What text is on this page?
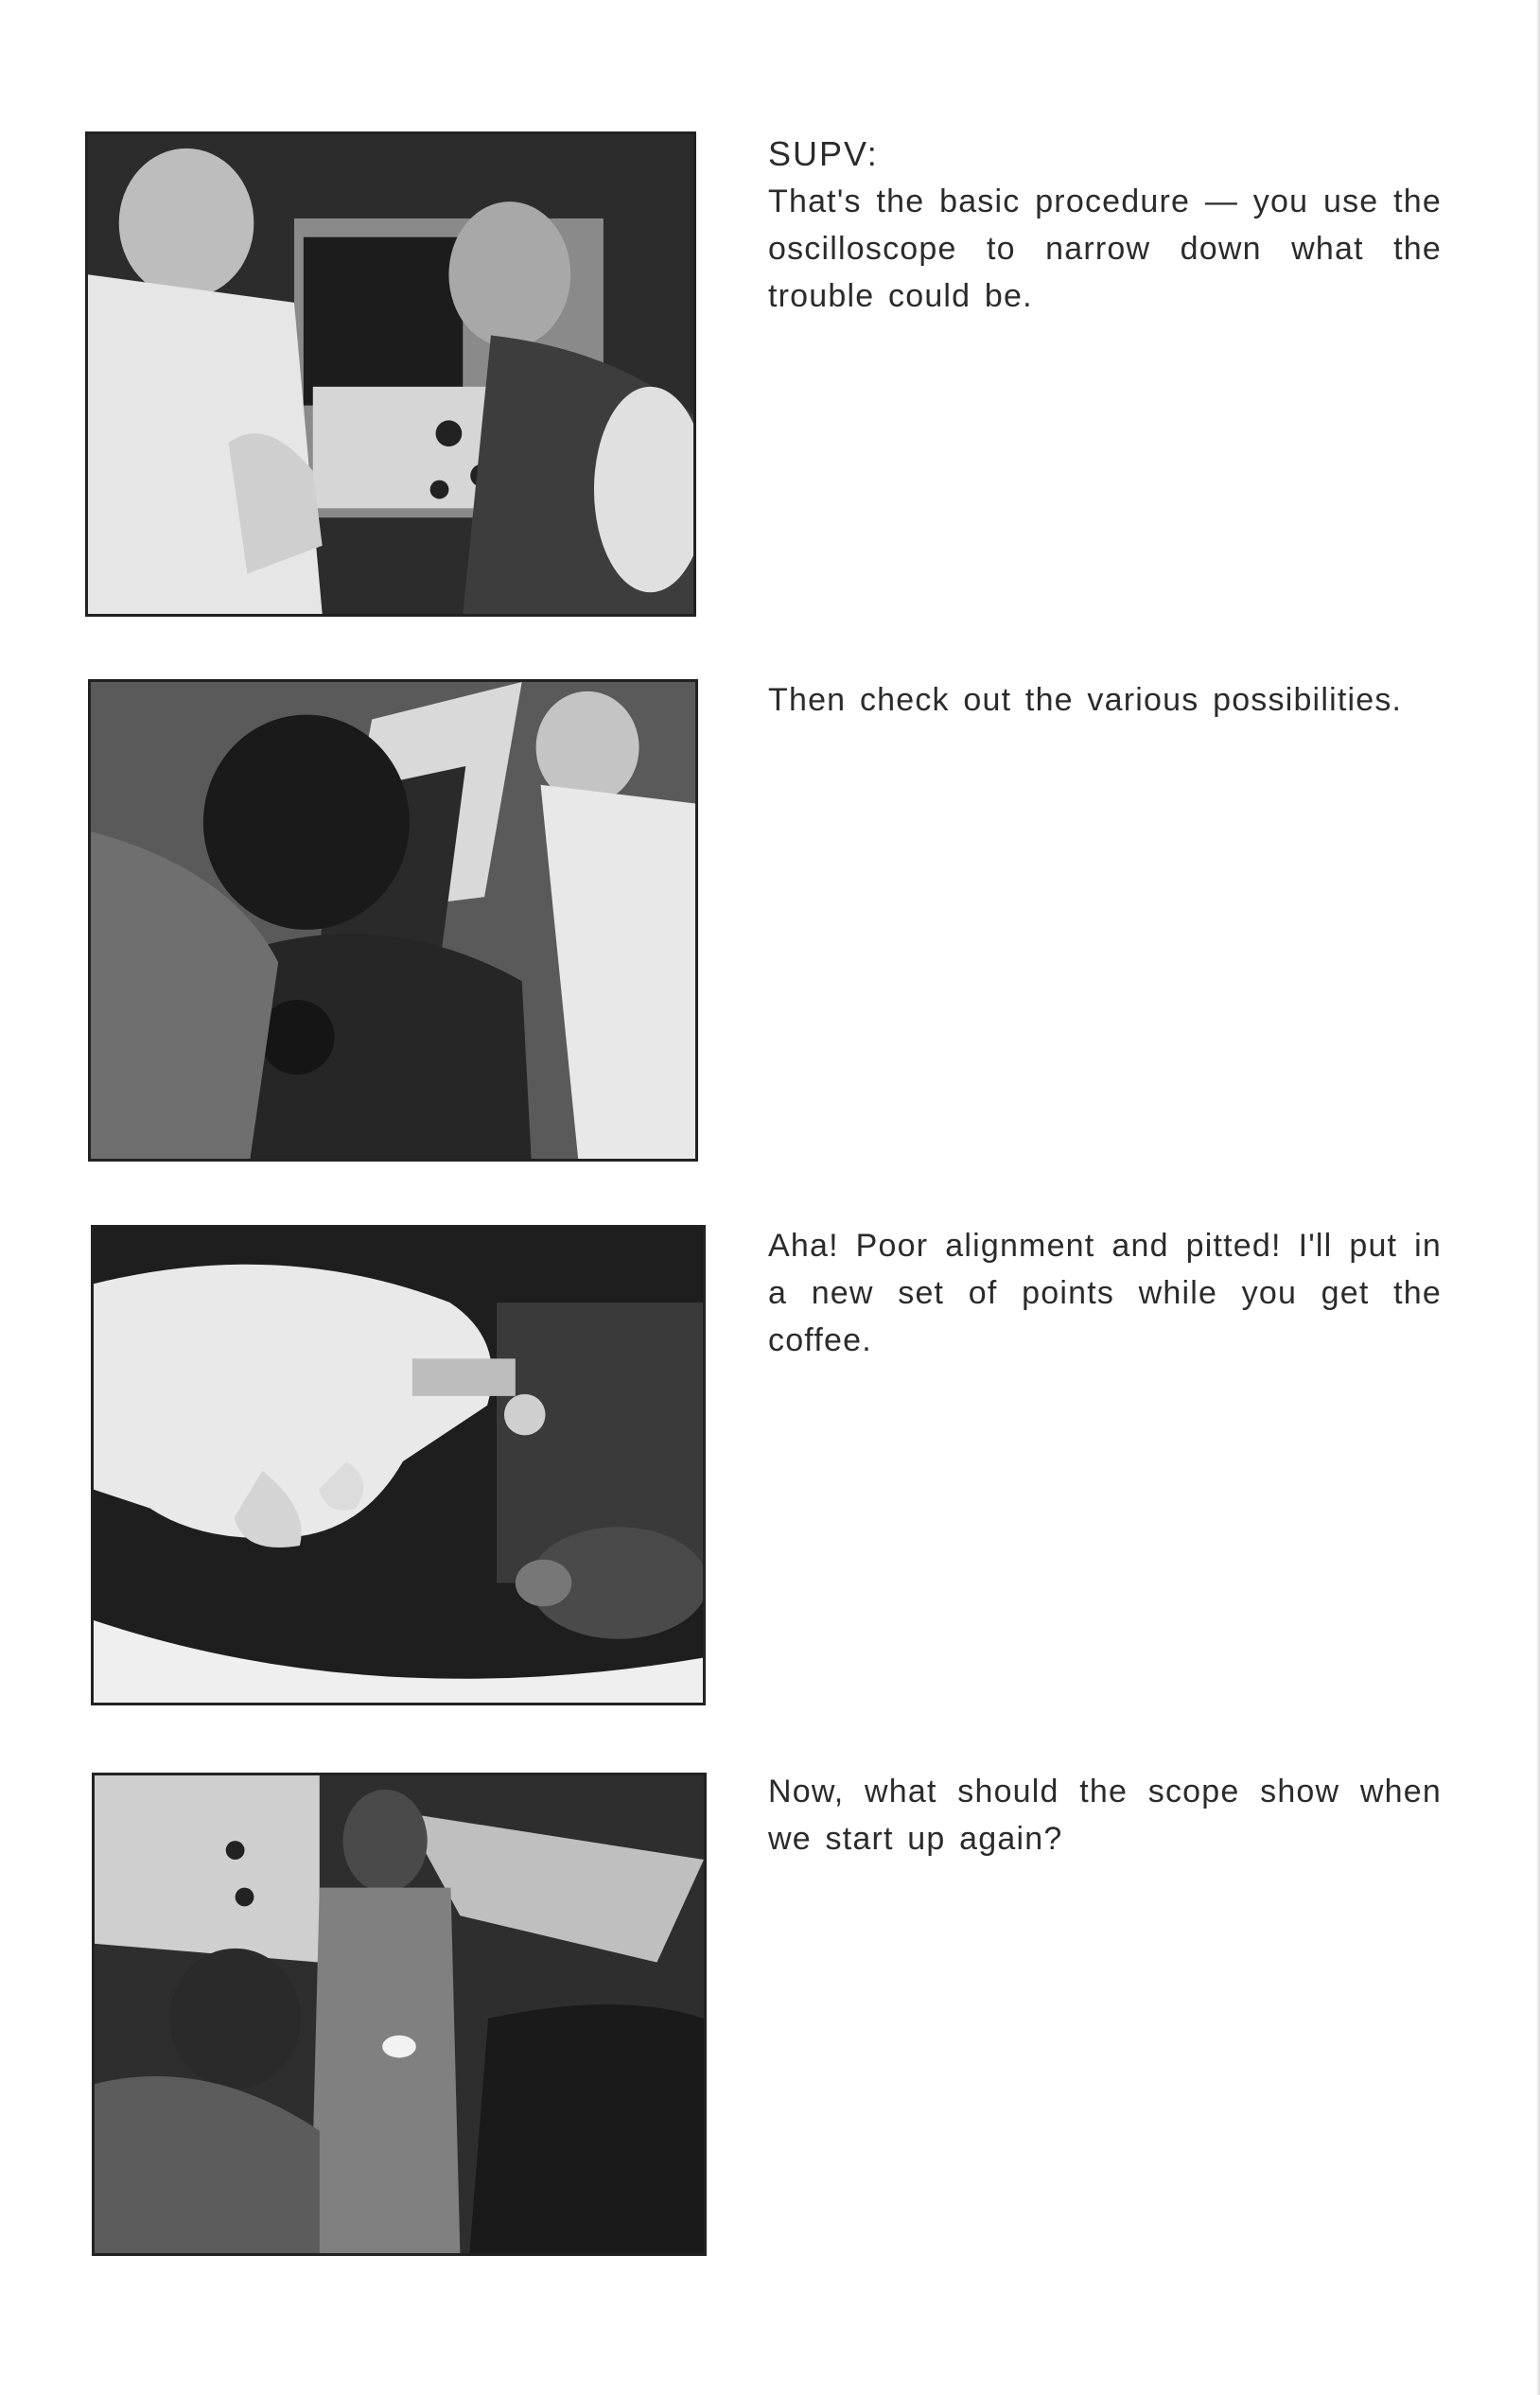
SUPV:
That's the basic procedure — you use the oscilloscope to narrow down what the trouble could be.
Then check out the various possibilities.
Aha! Poor alignment and pitted! I'll put in a new set of points while you get the coffee.
Now, what should the scope show when we start up again?
